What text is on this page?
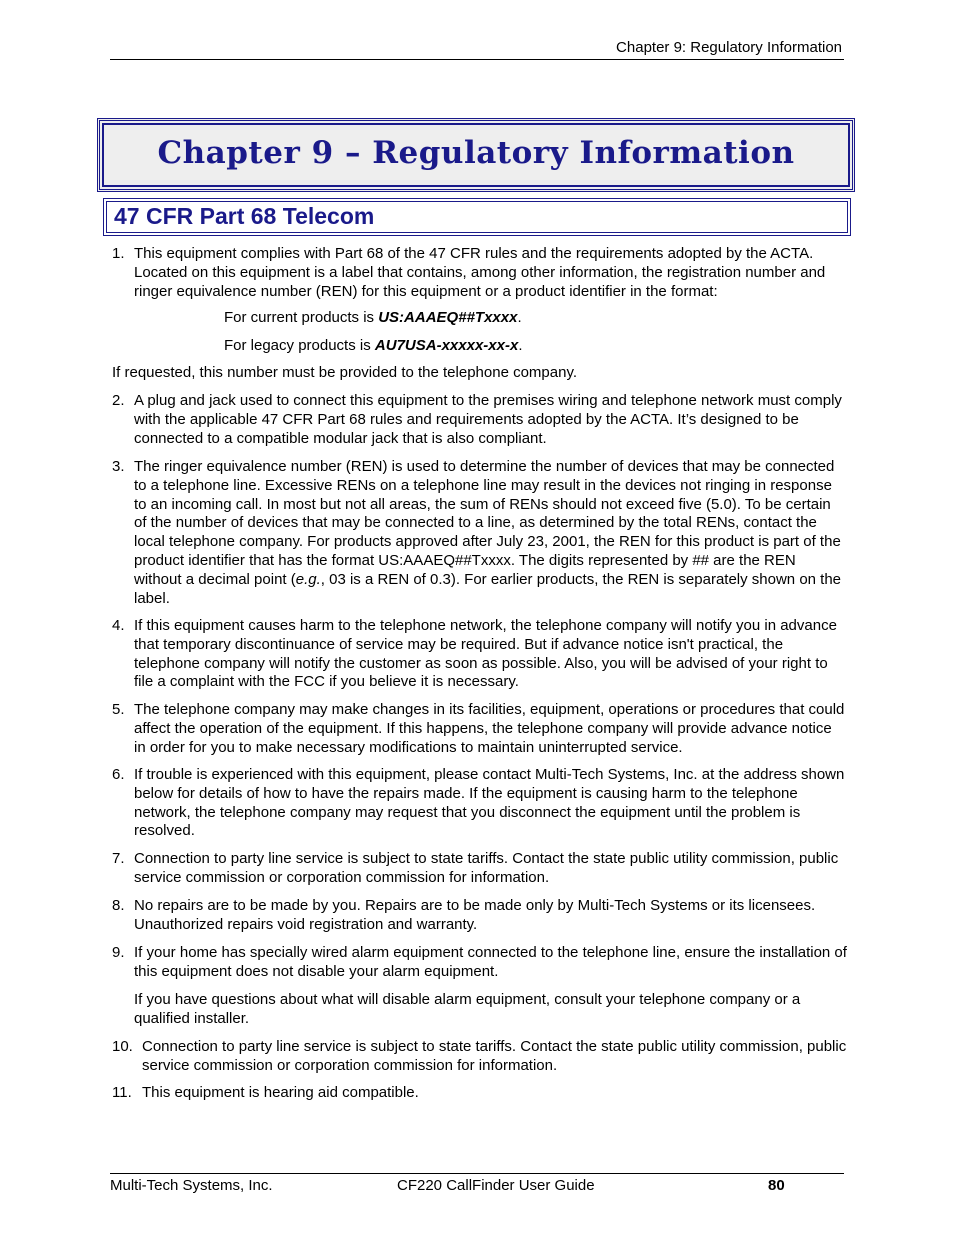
Chapter 9: Regulatory Information
Chapter 9 – Regulatory Information
47 CFR Part 68 Telecom
1. This equipment complies with Part 68 of the 47 CFR rules and the requirements adopted by the ACTA. Located on this equipment is a label that contains, among other information, the registration number and ringer equivalence number (REN) for this equipment or a product identifier in the format:
For current products is US:AAAEQ##Txxxx.
For legacy products is AU7USA-xxxxx-xx-x.
If requested, this number must be provided to the telephone company.
2. A plug and jack used to connect this equipment to the premises wiring and telephone network must comply with the applicable 47 CFR Part 68 rules and requirements adopted by the ACTA. It’s designed to be connected to a compatible modular jack that is also compliant.
3. The ringer equivalence number (REN) is used to determine the number of devices that may be connected to a telephone line. Excessive RENs on a telephone line may result in the devices not ringing in response to an incoming call. In most but not all areas, the sum of RENs should not exceed five (5.0). To be certain of the number of devices that may be connected to a line, as determined by the total RENs, contact the local telephone company. For products approved after July 23, 2001, the REN for this product is part of the product identifier that has the format US:AAAEQ##Txxxx. The digits represented by ## are the REN without a decimal point (e.g., 03 is a REN of 0.3). For earlier products, the REN is separately shown on the label.
4. If this equipment causes harm to the telephone network, the telephone company will notify you in advance that temporary discontinuance of service may be required. But if advance notice isn't practical, the telephone company will notify the customer as soon as possible. Also, you will be advised of your right to file a complaint with the FCC if you believe it is necessary.
5. The telephone company may make changes in its facilities, equipment, operations or procedures that could affect the operation of the equipment. If this happens, the telephone company will provide advance notice in order for you to make necessary modifications to maintain uninterrupted service.
6. If trouble is experienced with this equipment, please contact Multi-Tech Systems, Inc. at the address shown below for details of how to have the repairs made. If the equipment is causing harm to the telephone network, the telephone company may request that you disconnect the equipment until the problem is resolved.
7. Connection to party line service is subject to state tariffs. Contact the state public utility commission, public service commission or corporation commission for information.
8. No repairs are to be made by you. Repairs are to be made only by Multi-Tech Systems or its licensees. Unauthorized repairs void registration and warranty.
9. If your home has specially wired alarm equipment connected to the telephone line, ensure the installation of this equipment does not disable your alarm equipment.
If you have questions about what will disable alarm equipment, consult your telephone company or a qualified installer.
10. Connection to party line service is subject to state tariffs. Contact the state public utility commission, public service commission or corporation commission for information.
11. This equipment is hearing aid compatible.
Multi-Tech Systems, Inc.	CF220 CallFinder User Guide	80
